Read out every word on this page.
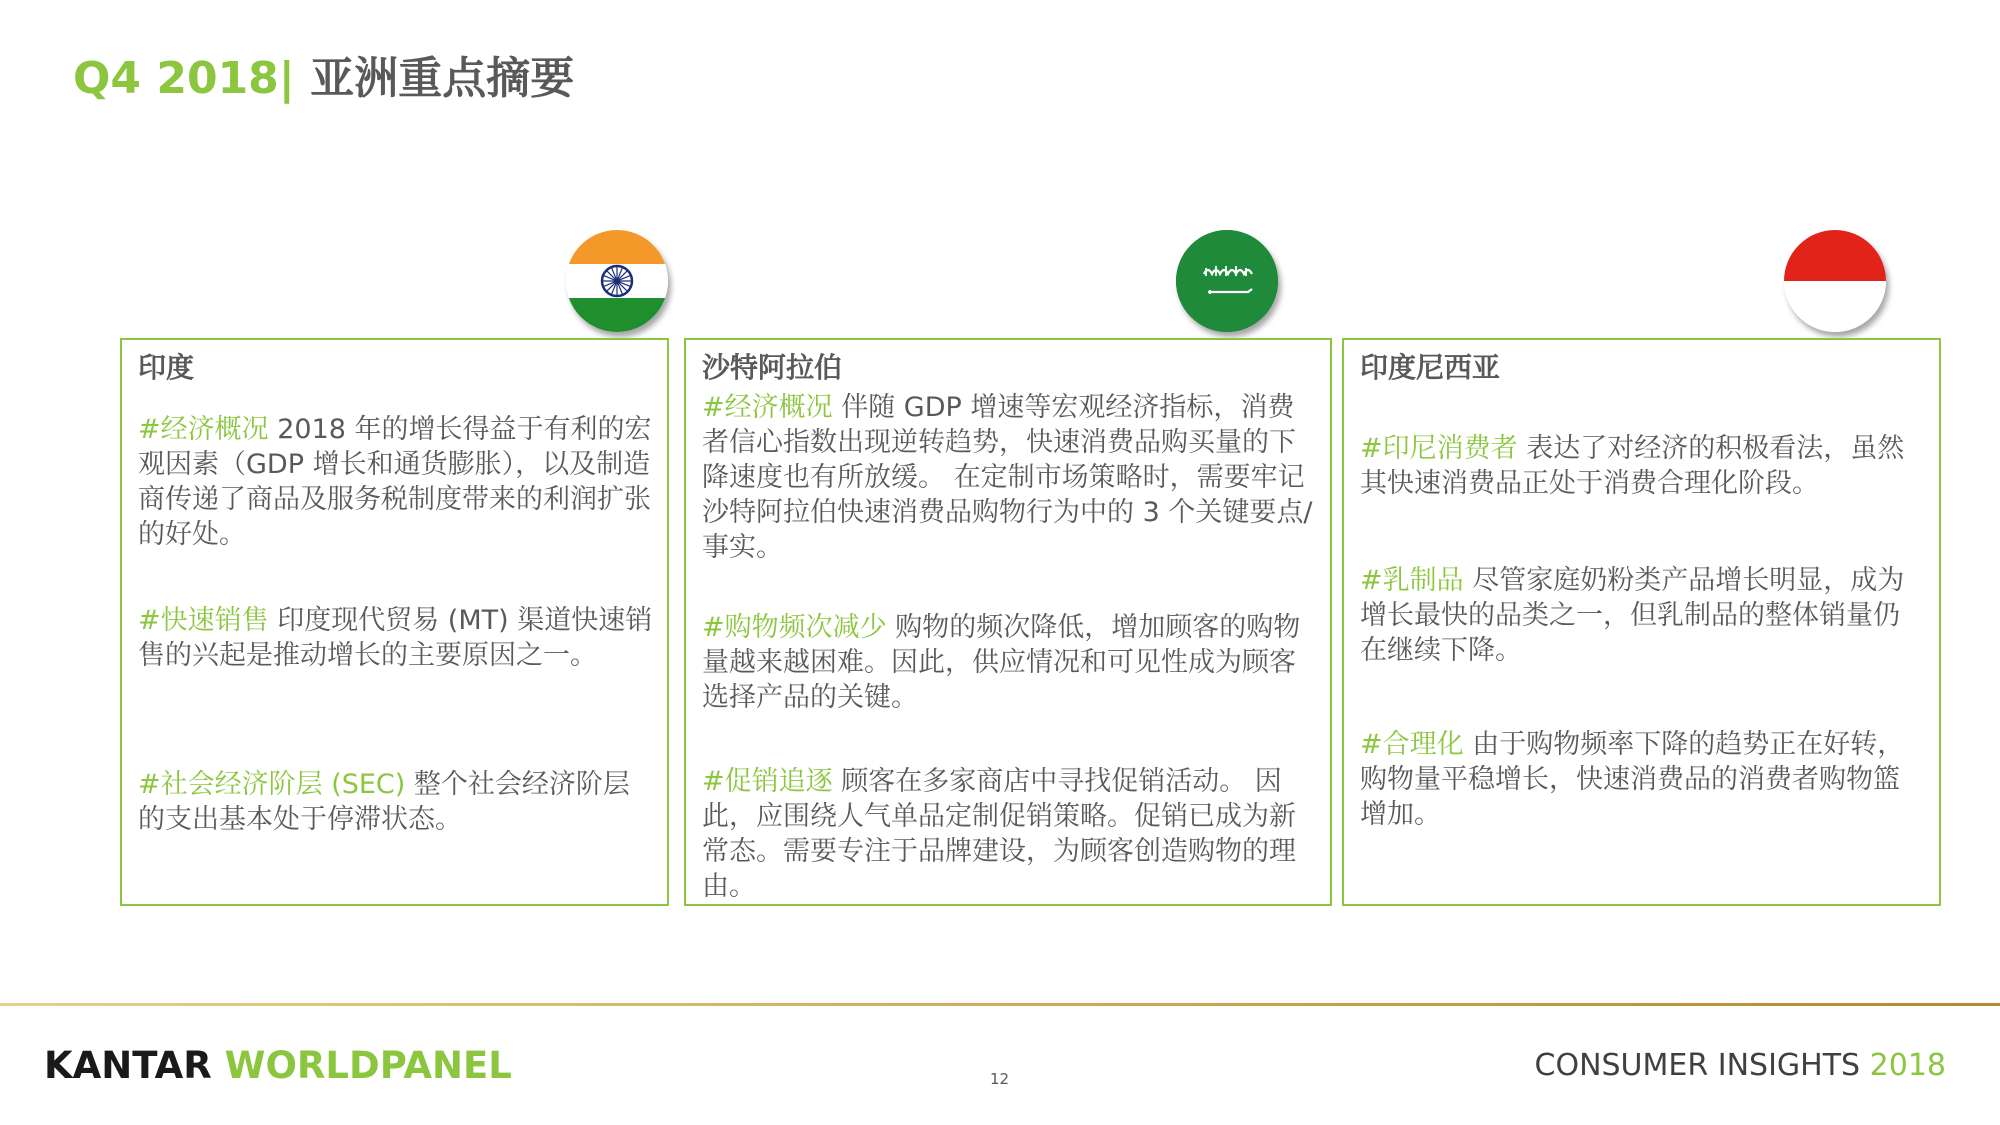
Q4 2018| 亚洲重点摘要
印度
#经济概况 2018 年的增长得益于有利的宏观因素（GDP 增长和通货膨胀），以及制造商传递了商品及服务税制度带来的利润扩张的好处。
#快速销售 印度现代贸易 (MT) 渠道快速销售的兴起是推动增长的主要原因之一。
#社会经济阶层 (SEC) 整个社会经济阶层的支出基本处于停滞状态。
沙特阿拉伯
#经济概况 伴随 GDP 增速等宏观经济指标，消费者信心指数出现逆转趋势，快速消费品购买量的下降速度也有所放缓。 在定制市场策略时，需要牢记沙特阿拉伯快速消费品购物行为中的 3 个关键要点/事实。
#购物频次减少 购物的频次降低，增加顾客的购物量越来越困难。因此，供应情况和可见性成为顾客选择产品的关键。
#促销追逐 顾客在多家商店中寻找促销活动。 因此，应围绕人气单品定制促销策略。促销已成为新常态。需要专注于品牌建设，为顾客创造购物的理由。
印度尼西亚
#印尼消费者 表达了对经济的积极看法，虽然其快速消费品正处于消费合理化阶段。
#乳制品 尽管家庭奶粉类产品增长明显，成为增长最快的品类之一，但乳制品的整体销量仍在继续下降。
#合理化 由于购物频率下降的趋势正在好转，购物量平稳增长，快速消费品的消费者购物篮增加。
KANTAR WORLDPANEL	12	CONSUMER INSIGHTS 2018
